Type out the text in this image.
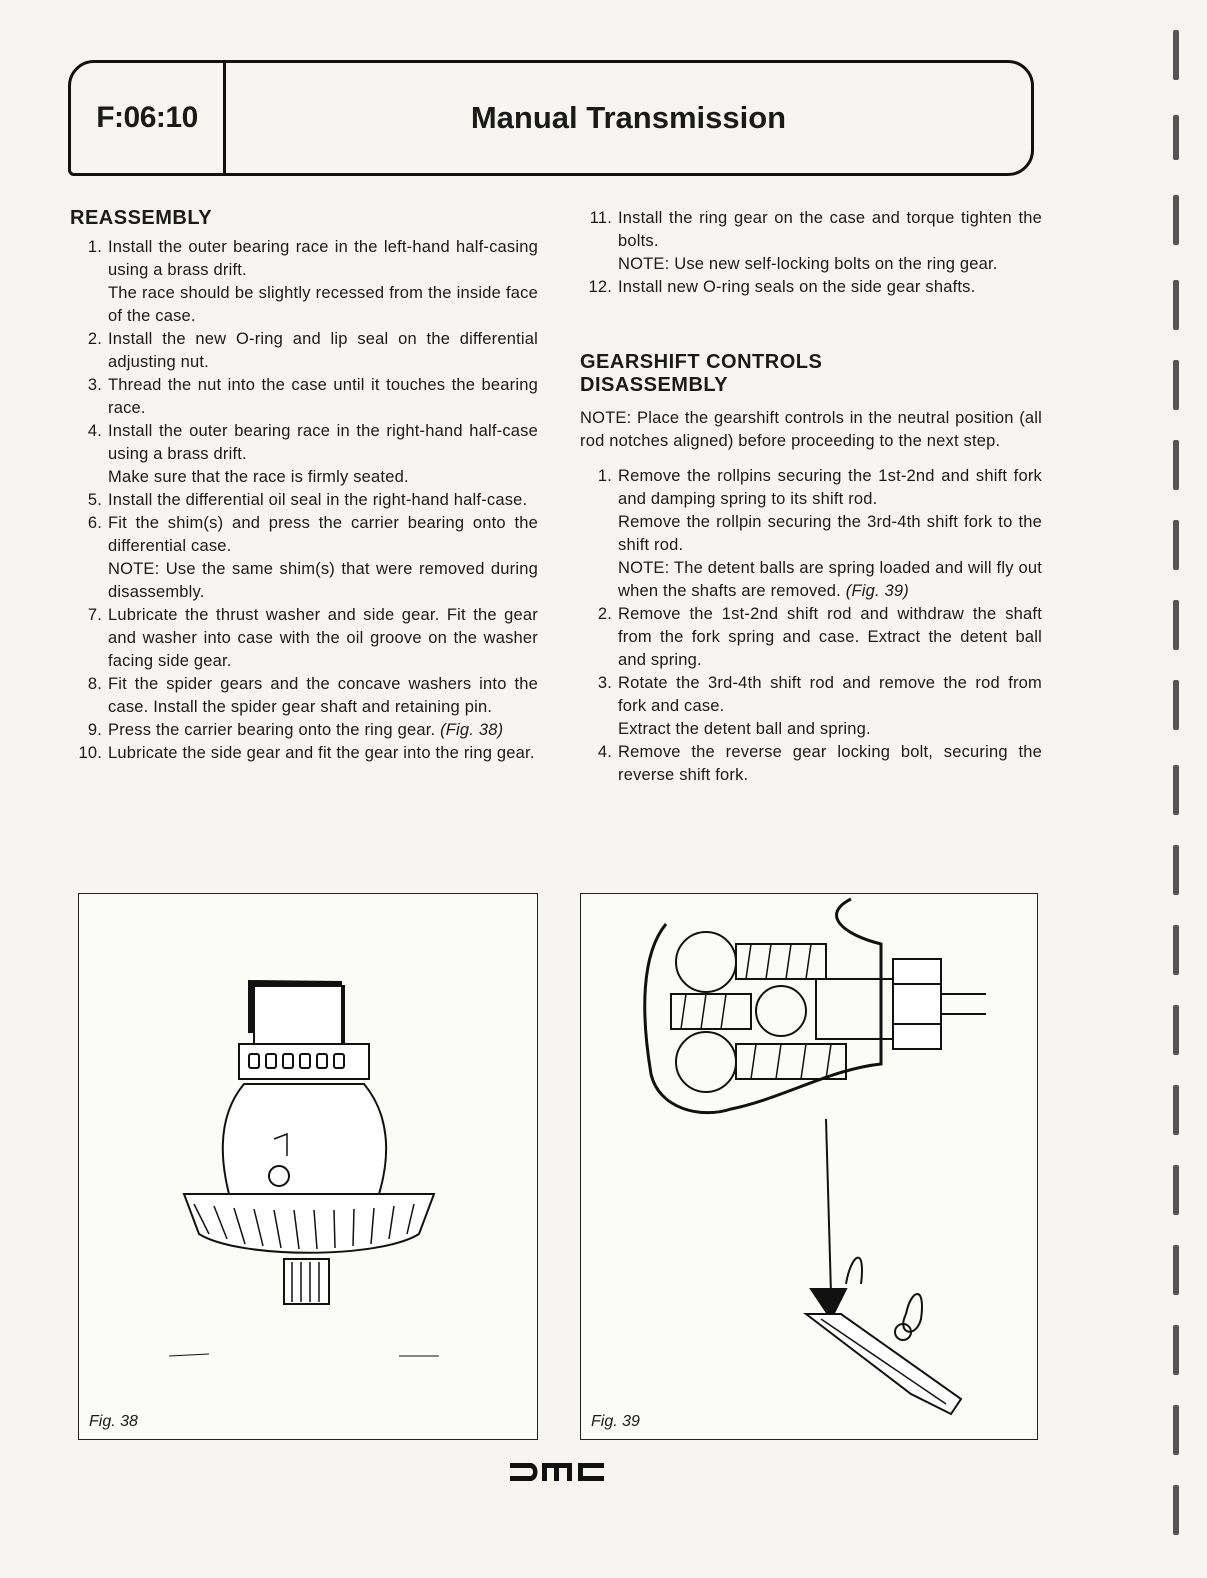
F:06:10	Manual Transmission
REASSEMBLY
1. Install the outer bearing race in the left-hand half-casing using a brass drift.
The race should be slightly recessed from the inside face of the case.
2. Install the new O-ring and lip seal on the differential adjusting nut.
3. Thread the nut into the case until it touches the bearing race.
4. Install the outer bearing race in the right-hand half-case using a brass drift.
Make sure that the race is firmly seated.
5. Install the differential oil seal in the right-hand half-case.
6. Fit the shim(s) and press the carrier bearing onto the differential case.
NOTE: Use the same shim(s) that were removed during disassembly.
7. Lubricate the thrust washer and side gear. Fit the gear and washer into case with the oil groove on the washer facing side gear.
8. Fit the spider gears and the concave washers into the case. Install the spider gear shaft and retaining pin.
9. Press the carrier bearing onto the ring gear. (Fig. 38)
10. Lubricate the side gear and fit the gear into the ring gear.
11. Install the ring gear on the case and torque tighten the bolts.
NOTE: Use new self-locking bolts on the ring gear.
12. Install new O-ring seals on the side gear shafts.
GEARSHIFT CONTROLS
DISASSEMBLY

NOTE: Place the gearshift controls in the neutral position (all rod notches aligned) before proceeding to the next step.

1. Remove the rollpins securing the 1st-2nd and shift fork and damping spring to its shift rod.
Remove the rollpin securing the 3rd-4th shift fork to the shift rod.
NOTE: The detent balls are spring loaded and will fly out when the shafts are removed. (Fig. 39)
2. Remove the 1st-2nd shift rod and withdraw the shaft from the fork spring and case. Extract the detent ball and spring.
3. Rotate the 3rd-4th shift rod and remove the rod from fork and case.
Extract the detent ball and spring.
4. Remove the reverse gear locking bolt, securing the reverse shift fork.
Fig. 38	Fig. 39
